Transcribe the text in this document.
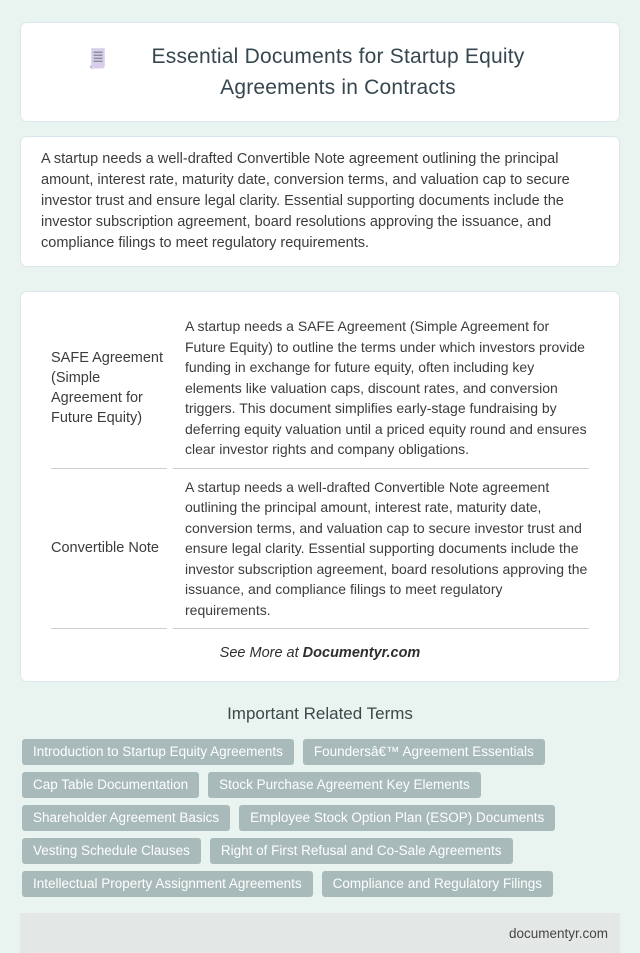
Essential Documents for Startup Equity Agreements in Contracts
A startup needs a well-drafted Convertible Note agreement outlining the principal amount, interest rate, maturity date, conversion terms, and valuation cap to secure investor trust and ensure legal clarity. Essential supporting documents include the investor subscription agreement, board resolutions approving the issuance, and compliance filings to meet regulatory requirements.
SAFE Agreement (Simple Agreement for Future Equity)	A startup needs a SAFE Agreement (Simple Agreement for Future Equity) to outline the terms under which investors provide funding in exchange for future equity, often including key elements like valuation caps, discount rates, and conversion triggers. This document simplifies early-stage fundraising by deferring equity valuation until a priced equity round and ensures clear investor rights and company obligations.
Convertible Note	A startup needs a well-drafted Convertible Note agreement outlining the principal amount, interest rate, maturity date, conversion terms, and valuation cap to secure investor trust and ensure legal clarity. Essential supporting documents include the investor subscription agreement, board resolutions approving the issuance, and compliance filings to meet regulatory requirements.
See More at Documentyr.com
Important Related Terms
Introduction to Startup Equity Agreements	Foundersâ€™ Agreement Essentials
Cap Table Documentation	Stock Purchase Agreement Key Elements
Shareholder Agreement Basics	Employee Stock Option Plan (ESOP) Documents
Vesting Schedule Clauses	Right of First Refusal and Co-Sale Agreements
Intellectual Property Assignment Agreements	Compliance and Regulatory Filings
documentyr.com
